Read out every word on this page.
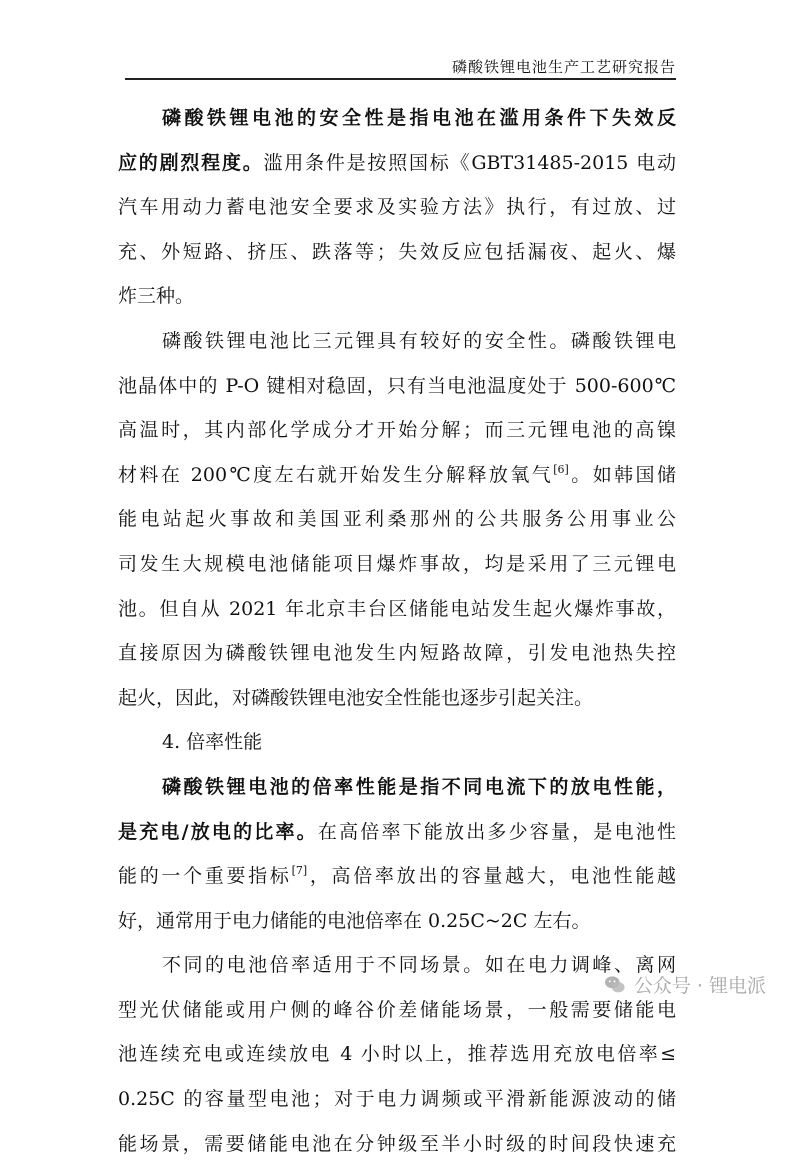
磷酸铁锂电池生产工艺研究报告
磷酸铁锂电池的安全性是指电池在滥用条件下失效反
应的剧烈程度。滥用条件是按照国标《GBT31485-2015 电动
汽车用动力蓄电池安全要求及实验方法》执行，有过放、过
充、外短路、挤压、跌落等；失效反应包括漏夜、起火、爆
炸三种。
磷酸铁锂电池比三元锂具有较好的安全性。磷酸铁锂电
池晶体中的 P-O 键相对稳固，只有当电池温度处于 500-600℃
高温时，其内部化学成分才开始分解；而三元锂电池的高镍
材料在 200℃度左右就开始发生分解释放氧气[6]。如韩国储
能电站起火事故和美国亚利桑那州的公共服务公用事业公
司发生大规模电池储能项目爆炸事故，均是采用了三元锂电
池。但自从 2021 年北京丰台区储能电站发生起火爆炸事故，
直接原因为磷酸铁锂电池发生内短路故障，引发电池热失控
起火，因此，对磷酸铁锂电池安全性能也逐步引起关注。
4. 倍率性能
磷酸铁锂电池的倍率性能是指不同电流下的放电性能，
是充电/放电的比率。在高倍率下能放出多少容量，是电池性
能的一个重要指标[7]，高倍率放出的容量越大，电池性能越
好，通常用于电力储能的电池倍率在 0.25C~2C 左右。
不同的电池倍率适用于不同场景。如在电力调峰、离网
型光伏储能或用户侧的峰谷价差储能场景，一般需要储能电
池连续充电或连续放电 4 小时以上，推荐选用充放电倍率≤
0.25C 的容量型电池；对于电力调频或平滑新能源波动的储
能场景，需要储能电池在分钟级至半小时级的时间段快速充
公众号 · 锂电派
